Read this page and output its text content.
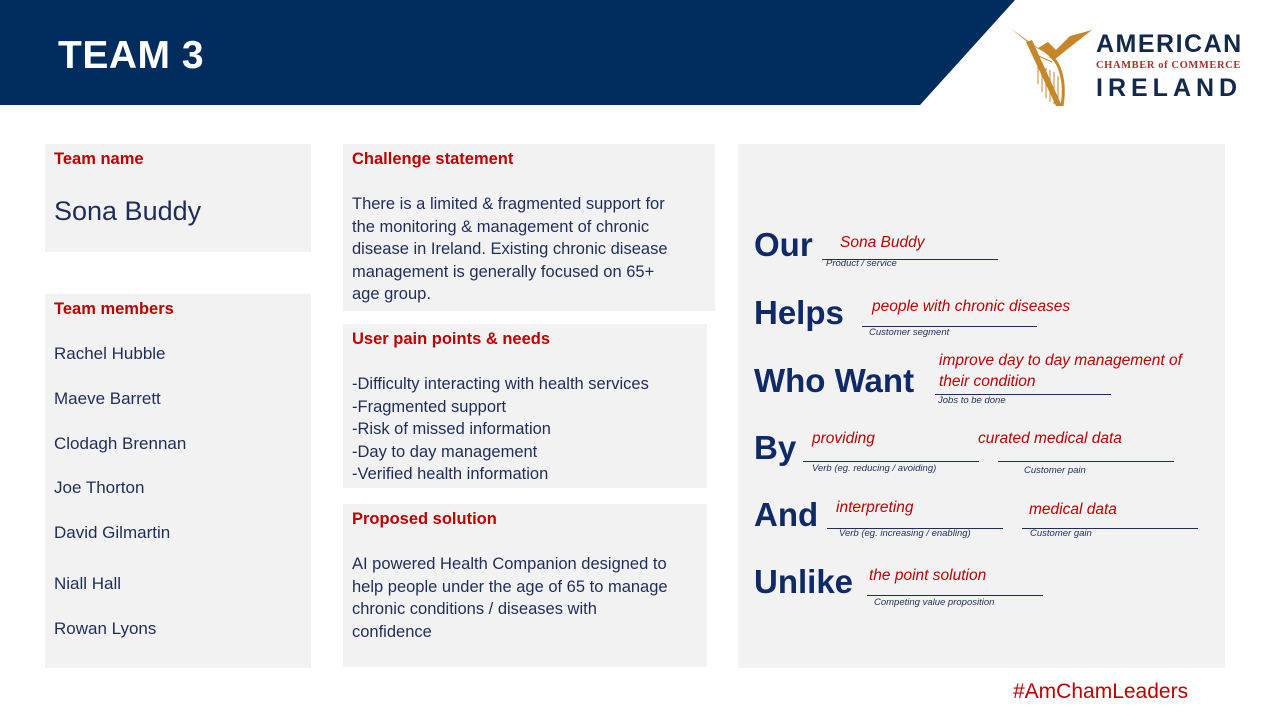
TEAM 3	AMERICAN
CHAMBER of COMMERCE
IRELAND
Team name
Sona Buddy
Team members
Rachel Hubble
Maeve Barrett
Clodagh Brennan
Joe Thorton
David Gilmartin
Niall Hall
Rowan Lyons
Challenge statement
There is a limited & fragmented support for
the monitoring & management of chronic
disease in Ireland. Existing chronic disease
management is generally focused on 65+
age group.
User pain points & needs
-Difficulty interacting with health services
-Fragmented support
-Risk of missed information
-Day to day management
-Verified health information
Proposed solution
AI powered Health Companion designed to
help people under the age of 65 to manage
chronic conditions / diseases with
confidence
Our Sona Buddy
Product / service
Helps people with chronic diseases
Customer segment
Who Want
improve day to day management of
their condition
Jobs to be done
By providing
Verb (eg. reducing / avoiding)
curated medical data
Customer pain
And interpreting
Verb (eg. increasing / enabling)
medical data
Customer gain
Unlike the point solution
Competing value proposition
#AmChamLeaders
